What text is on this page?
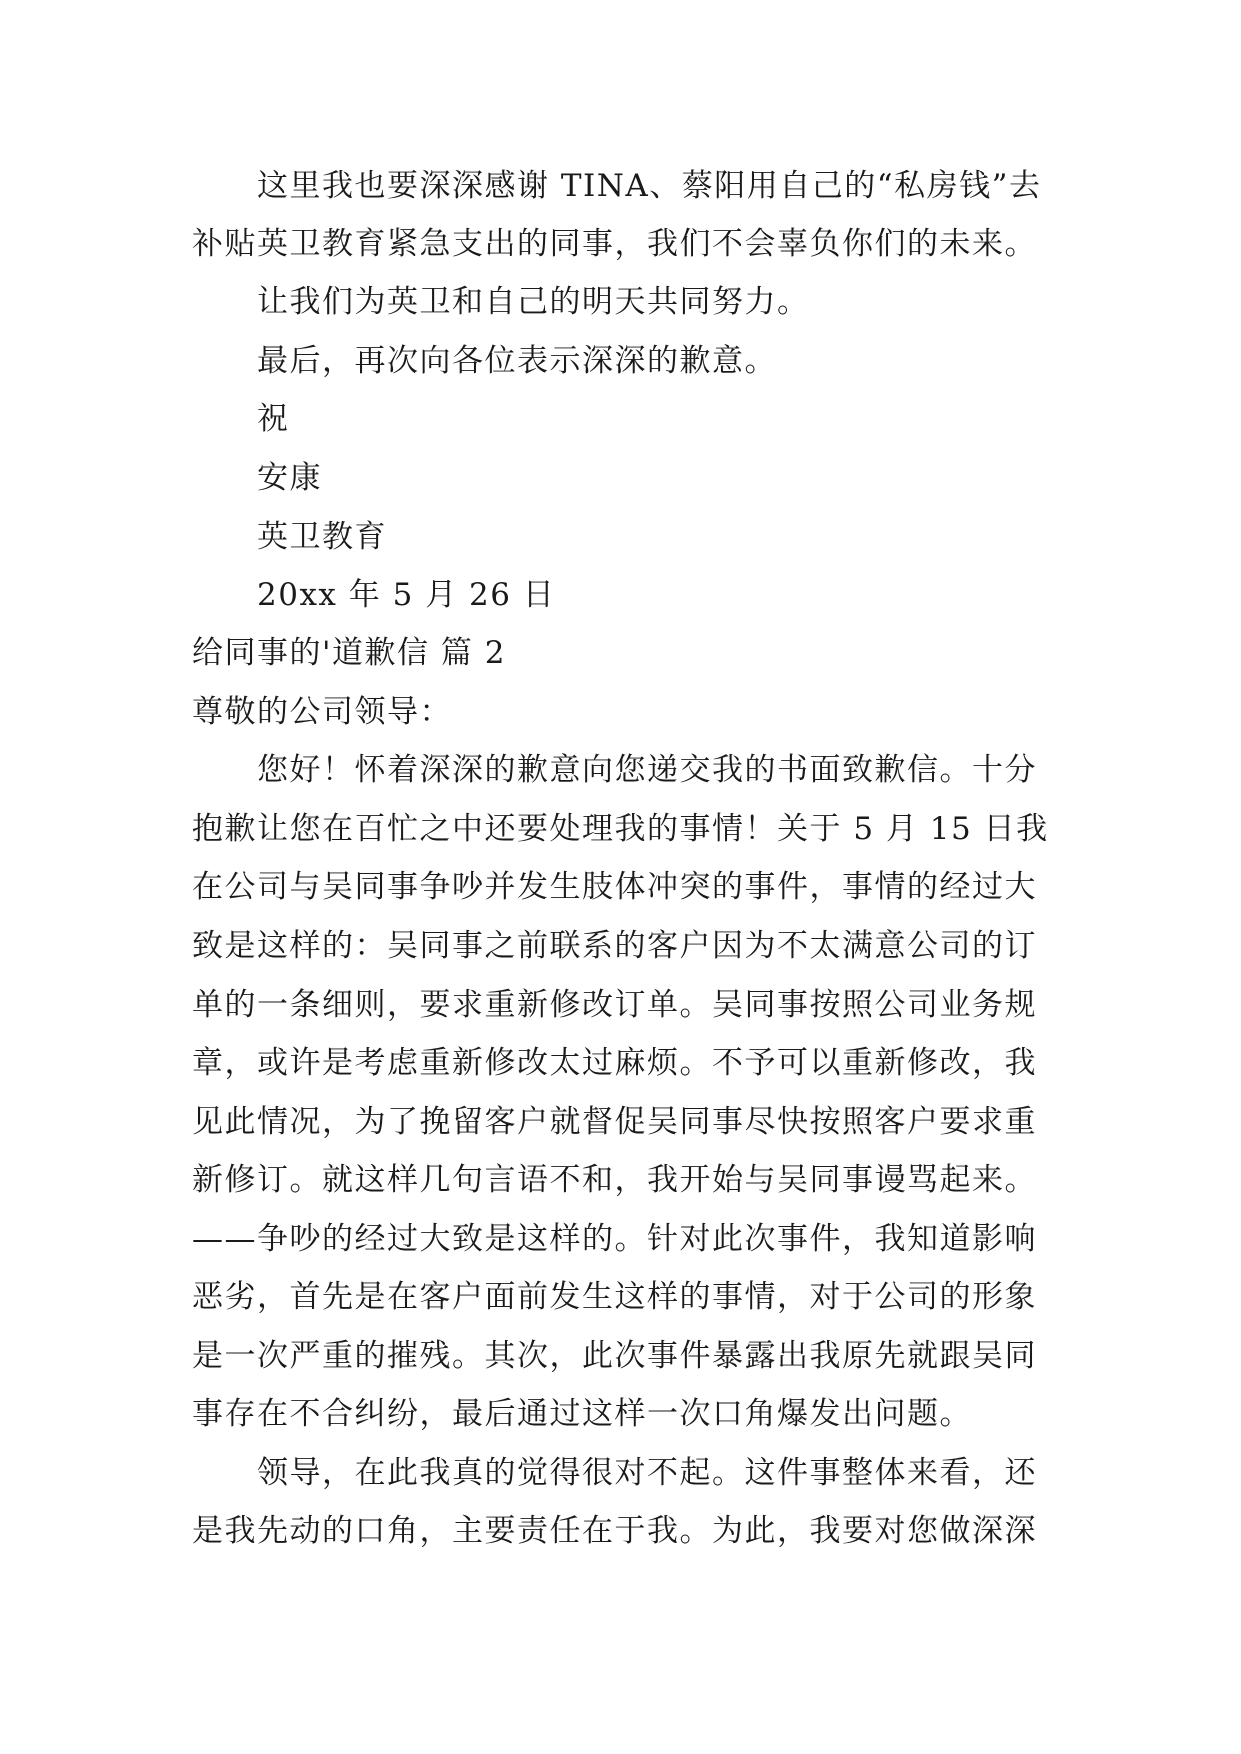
这里我也要深深感谢 TINA、蔡阳用自己的“私房钱”去
补贴英卫教育紧急支出的同事，我们不会辜负你们的未来。
让我们为英卫和自己的明天共同努力。
最后，再次向各位表示深深的歉意。
祝
安康
英卫教育
20xx 年 5 月 26 日
给同事的'道歉信 篇 2
尊敬的公司领导：
您好！怀着深深的歉意向您递交我的书面致歉信。十分
抱歉让您在百忙之中还要处理我的事情！关于 5 月 15 日我
在公司与吴同事争吵并发生肢体冲突的事件，事情的经过大
致是这样的：吴同事之前联系的客户因为不太满意公司的订
单的一条细则，要求重新修改订单。吴同事按照公司业务规
章，或许是考虑重新修改太过麻烦。不予可以重新修改，我
见此情况，为了挽留客户就督促吴同事尽快按照客户要求重
新修订。就这样几句言语不和，我开始与吴同事谩骂起来。
——争吵的经过大致是这样的。针对此次事件，我知道影响
恶劣，首先是在客户面前发生这样的事情，对于公司的形象
是一次严重的摧残。其次，此次事件暴露出我原先就跟吴同
事存在不合纠纷，最后通过这样一次口角爆发出问题。
领导，在此我真的觉得很对不起。这件事整体来看，还
是我先动的口角，主要责任在于我。为此，我要对您做深深
